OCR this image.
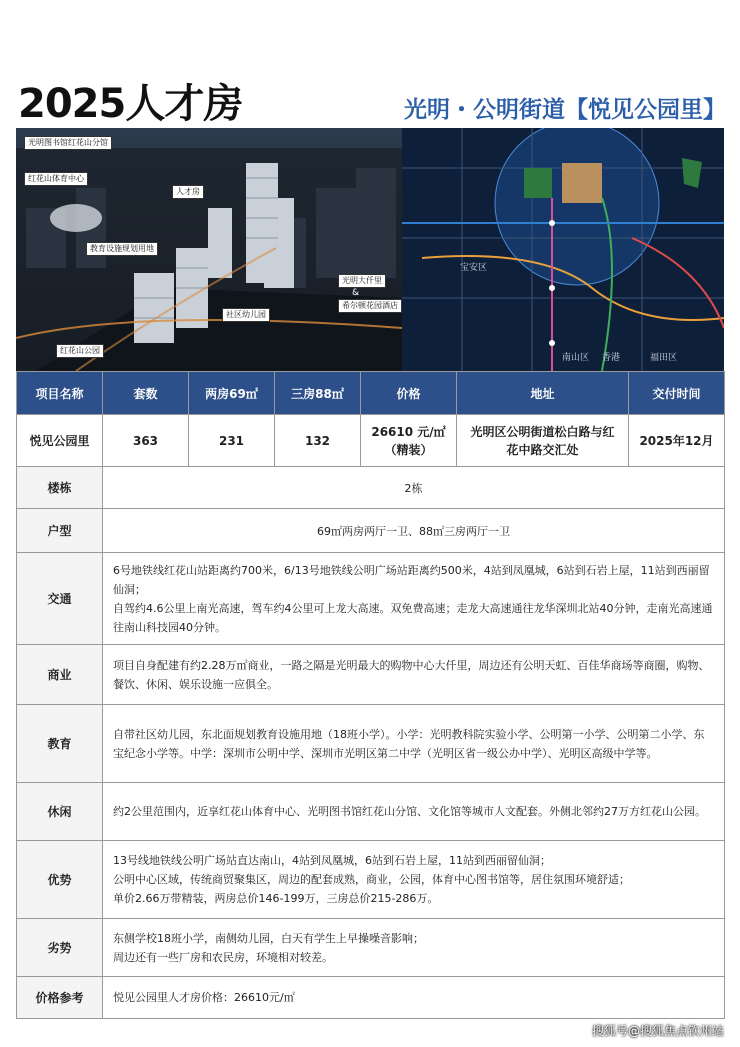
2025人才房	光明・公明街道【悦见公园里】
光明图书馆红花山分馆
红花山体育中心
人才房
教育设施规划用地
社区幼儿园
光明大仟里
&
希尔顿花园酒店
红花山公园
宝安区
福田区
南山区 香港
项目名称	套数	两房69㎡	三房88㎡	价格	地址	交付时间
悦见公园里	363	231	132	26610 元/㎡（精装）	光明区公明街道松白路与红花中路交汇处	2025年12月
楼栋	2栋					
户型	69㎡两房两厅一卫、88㎡三房两厅一卫					
交通	6号地铁线红花山站距离约700米，6/13号地铁线公明广场站距离约500米，4站到凤凰城，6站到石岩上屋，11站到西丽留仙洞；
自驾约4.6公里上南光高速，驾车约4公里可上龙大高速。双免费高速；走龙大高速通往龙华深圳北站40分钟，走南光高速通往南山科技园40分钟。					
商业	项目自身配建有约2.28万㎡商业，一路之隔是光明最大的购物中心大仟里，周边还有公明天虹、百佳华商场等商圈，购物、餐饮、休闲、娱乐设施一应俱全。					
教育	自带社区幼儿园，东北面规划教育设施用地（18班小学）。小学：光明教科院实验小学、公明第一小学、公明第二小学、东宝纪念小学等。中学：深圳市公明中学、深圳市光明区第二中学（光明区省一级公办中学）、光明区高级中学等。					
休闲	约2公里范围内，近享红花山体育中心、光明图书馆红花山分馆、文化馆等城市人文配套。外侧北邻约27万方红花山公园。					
优势	13号线地铁线公明广场站直达南山，4站到凤凰城，6站到石岩上屋，11站到西丽留仙洞；
公明中心区域，传统商贸聚集区，周边的配套成熟，商业，公园，体育中心图书馆等，居住氛围环境舒适；
单价2.66万带精装，两房总价146-199万，三房总价215-286万。					
劣势	东侧学校18班小学，南侧幼儿园，白天有学生上早操噪音影响；
周边还有一些厂房和农民房，环境相对较差。					
价格参考	悦见公园里人才房价格：26610元/㎡					
搜狐号@搜狐焦点钦州站
